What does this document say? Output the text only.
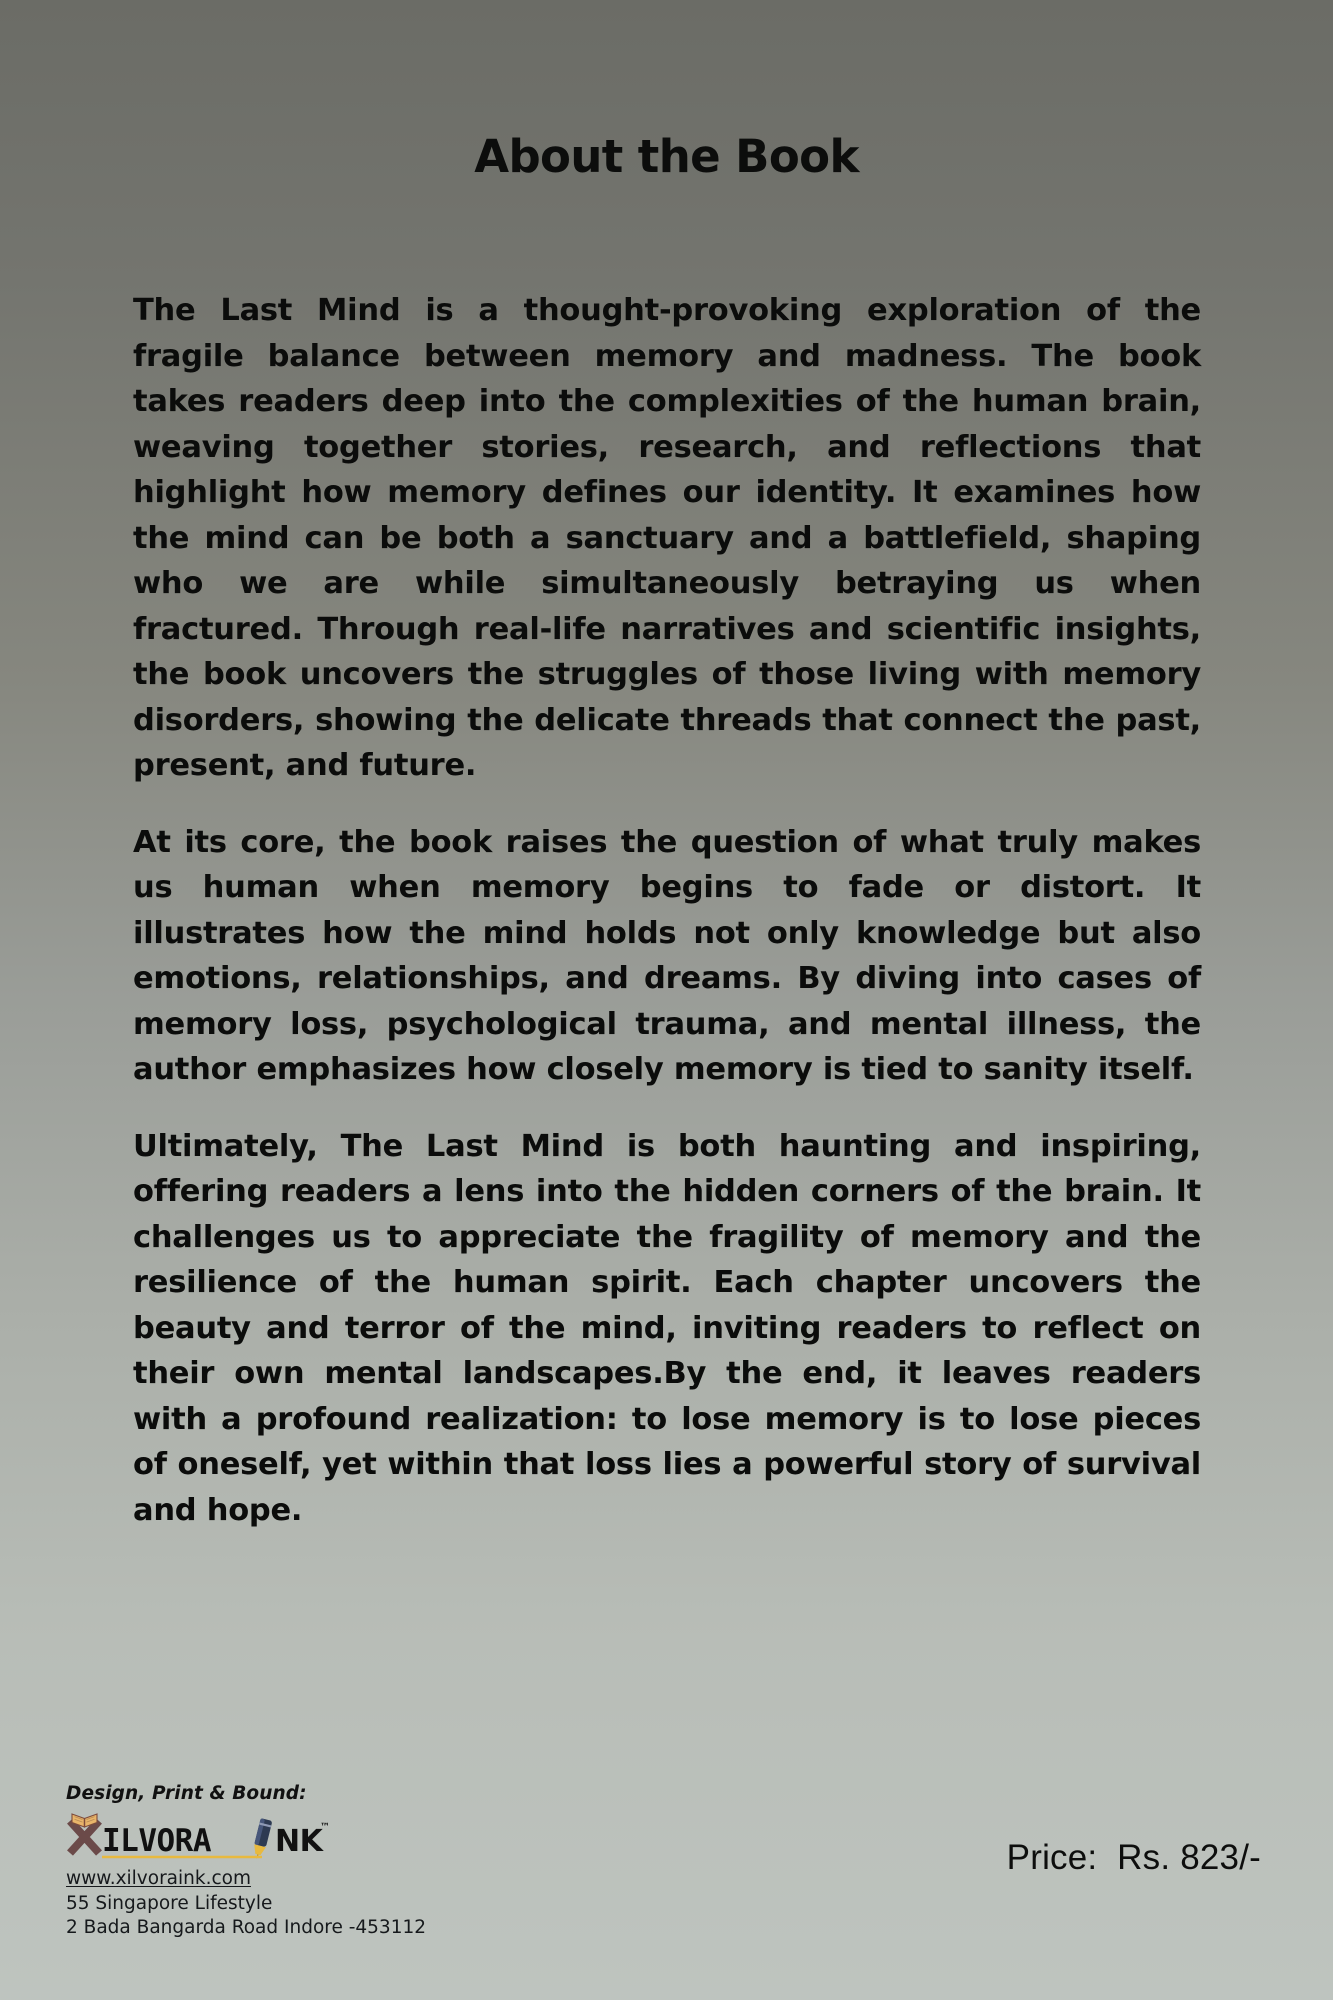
About the Book

The Last Mind is a thought-provoking exploration of the fragile balance between memory and madness. The book takes readers deep into the complexities of the human brain, weaving together stories, research, and reflections that highlight how memory defines our identity. It examines how the mind can be both a sanctuary and a battlefield, shaping who we are while simultaneously betraying us when fractured. Through real-life narratives and scientific insights, the book uncovers the struggles of those living with memory disorders, showing the delicate threads that connect the past, present, and future.

At its core, the book raises the question of what truly makes us human when memory begins to fade or distort. It illustrates how the mind holds not only knowledge but also emotions, relationships, and dreams. By diving into cases of memory loss, psychological trauma, and mental illness, the author emphasizes how closely memory is tied to sanity itself.

Ultimately, The Last Mind is both haunting and inspiring, offering readers a lens into the hidden corners of the brain. It challenges us to appreciate the fragility of memory and the resilience of the human spirit. Each chapter uncovers the beauty and terror of the mind, inviting readers to reflect on their own mental landscapes.By the end, it leaves readers with a profound realization: to lose memory is to lose pieces of oneself, yet within that loss lies a powerful story of survival and hope.

Design, Print & Bound:
ILVORA NK
™
www.xilvoraink.com
55 Singapore Lifestyle
2 Bada Bangarda Road Indore -453112
Price:  Rs. 823/-
